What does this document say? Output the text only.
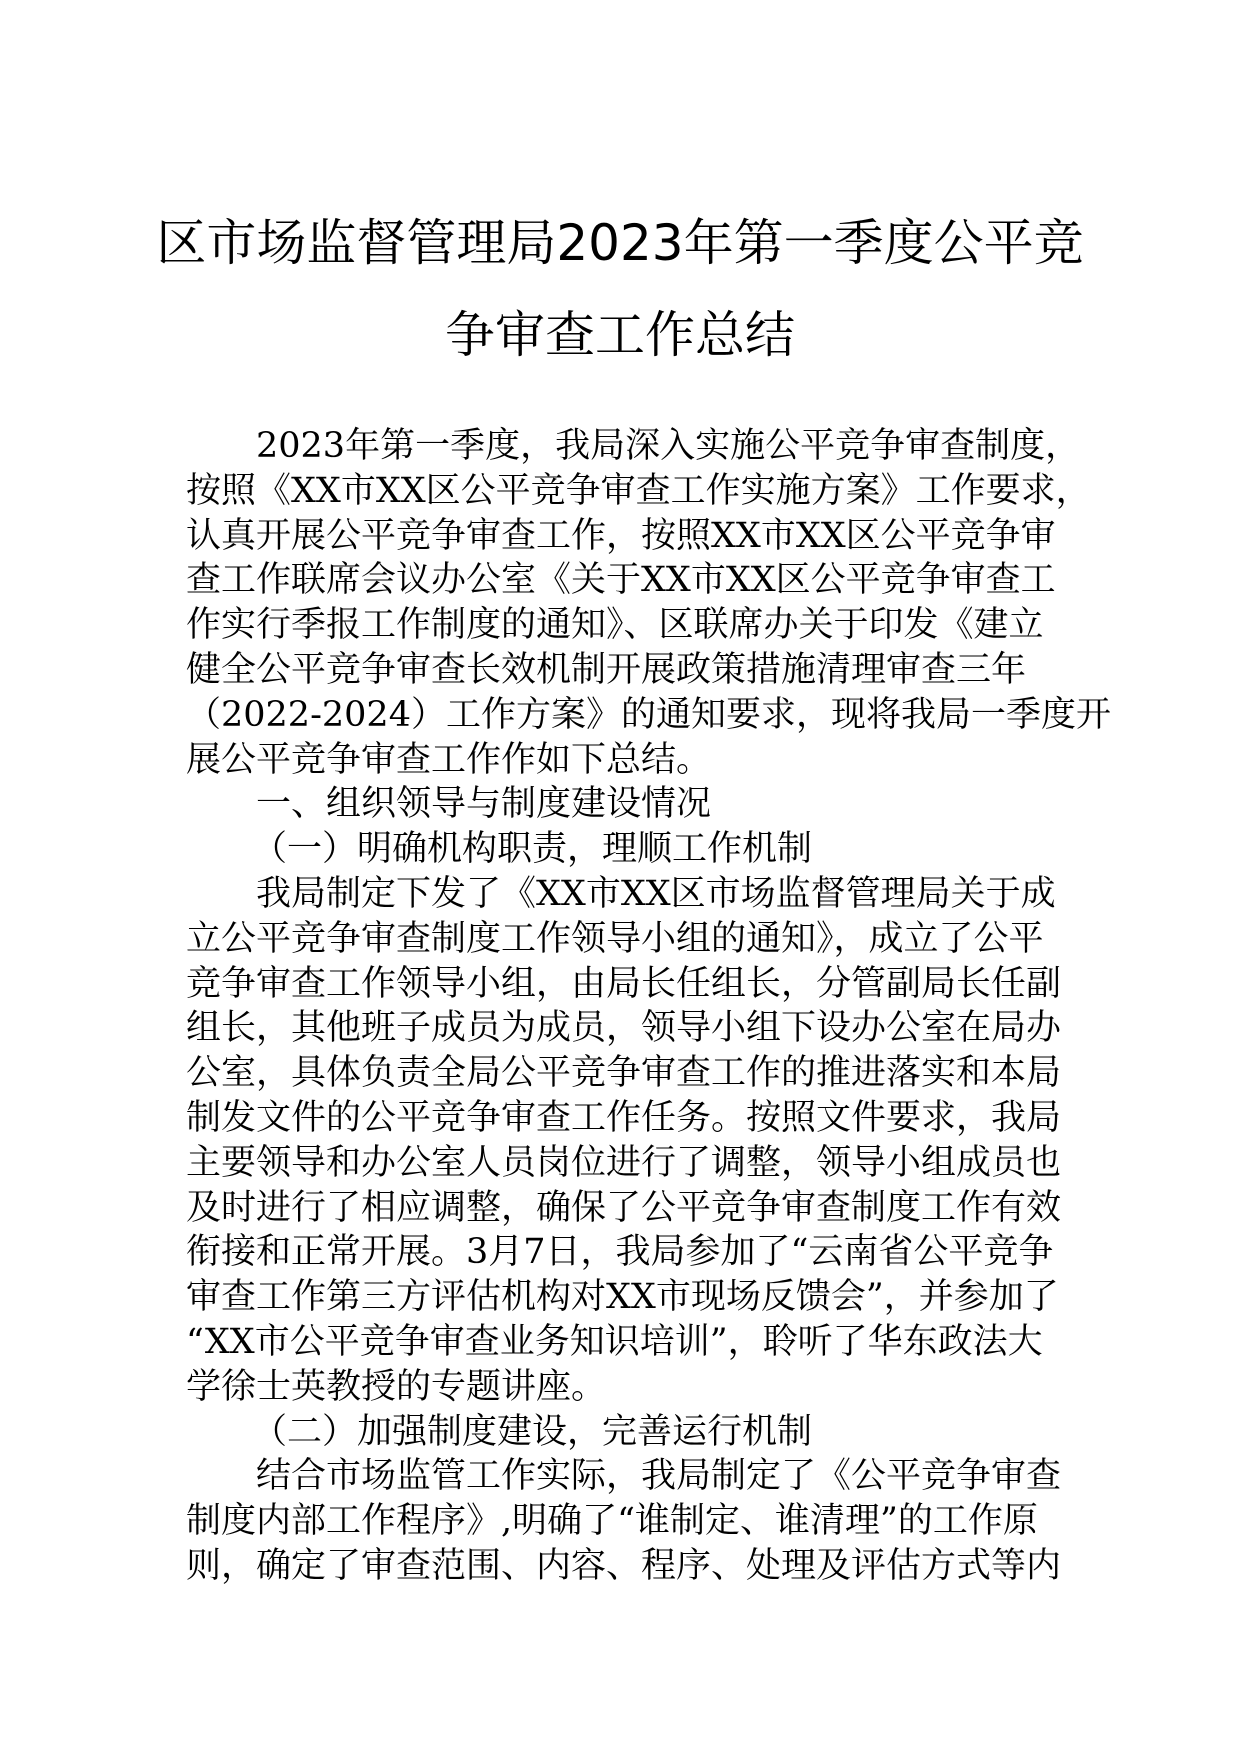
区市场监督管理局2023年第一季度公平竞
争审查工作总结
2023年第一季度，我局深入实施公平竞争审查制度，
按照《XX市XX区公平竞争审查工作实施方案》工作要求，
认真开展公平竞争审查工作，按照XX市XX区公平竞争审
查工作联席会议办公室《关于XX市XX区公平竞争审查工
作实行季报工作制度的通知》、区联席办关于印发《建立
健全公平竞争审查长效机制开展政策措施清理审查三年
（2022-2024）工作方案》的通知要求，现将我局一季度开
展公平竞争审查工作作如下总结。
一、组织领导与制度建设情况
（一）明确机构职责，理顺工作机制
我局制定下发了《XX市XX区市场监督管理局关于成
立公平竞争审查制度工作领导小组的通知》，成立了公平
竞争审查工作领导小组，由局长任组长，分管副局长任副
组长，其他班子成员为成员，领导小组下设办公室在局办
公室，具体负责全局公平竞争审查工作的推进落实和本局
制发文件的公平竞争审查工作任务。按照文件要求，我局
主要领导和办公室人员岗位进行了调整，领导小组成员也
及时进行了相应调整，确保了公平竞争审查制度工作有效
衔接和正常开展。3月7日，我局参加了“云南省公平竞争
审查工作第三方评估机构对XX市现场反馈会”，并参加了
“XX市公平竞争审查业务知识培训”，聆听了华东政法大
学徐士英教授的专题讲座。
（二）加强制度建设，完善运行机制
结合市场监管工作实际，我局制定了《公平竞争审查
制度内部工作程序》,明确了“谁制定、谁清理”的工作原
则，确定了审查范围、内容、程序、处理及评估方式等内
